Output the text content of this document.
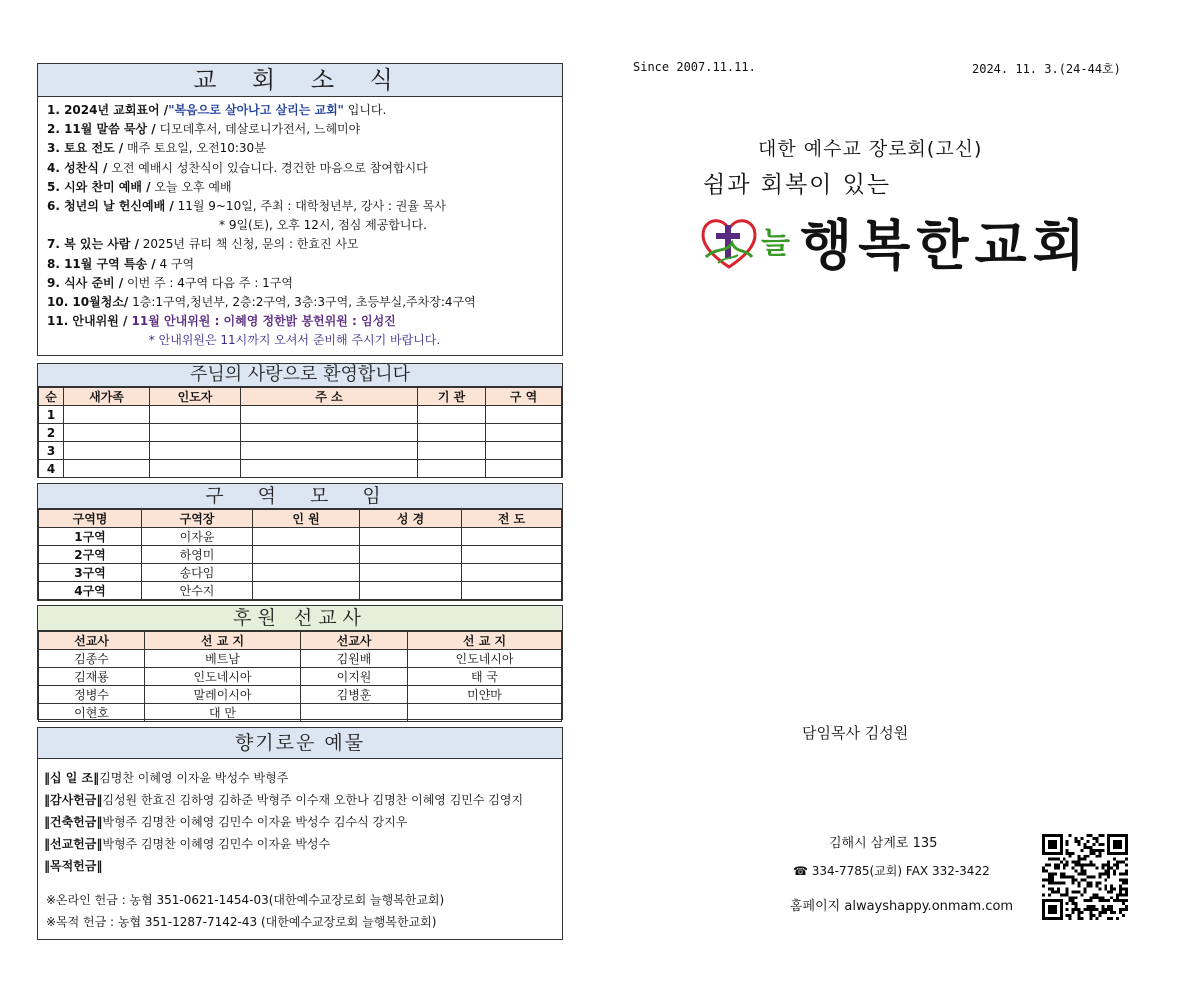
교 회 소 식
1. 2024년 교회표어 /"복음으로 살아나고 살리는 교회" 입니다.
2. 11월 말씀 묵상 / 디모데후서, 데살로니가전서, 느헤미야
3. 토요 전도 / 매주 토요일, 오전10:30분
4. 성찬식 / 오전 예배시 성찬식이 있습니다. 경건한 마음으로 참여합시다
5. 시와 찬미 예배 / 오늘 오후 예배
6. 청년의 날 헌신예배 / 11월 9~10일, 주최 : 대학청년부, 강사 : 권율 목사
* 9일(토), 오후 12시, 점심 제공합니다.
7. 복 있는 사람 / 2025년 큐티 책 신청, 문의 : 한효진 사모
8. 11월 구역 특송 / 4 구역
9. 식사 준비 / 이번 주 : 4구역 다음 주 : 1구역
10. 10월청소/ 1층:1구역,청년부, 2층:2구역, 3층:3구역, 초등부실,주차장:4구역
11. 안내위원 / 11월 안내위원 : 이혜영 정한밝 봉헌위원 : 임성진
* 안내위원은 11시까지 오셔서 준비해 주시기 바랍니다.
주님의 사랑으로 환영합니다
순	새가족	인도자	주 소	기 관	구 역
1					
2					
3					
4					
구 역 모 임
구역명	구역장	인 원	성 경	전 도
1구역	이자윤			
2구역	하영미			
3구역	송다임			
4구역	안수지			
후원 선교사
선교사	선 교 지	선교사	선 교 지
김종수	베트남	김원배	인도네시아
김재룡	인도네시아	이지원	태 국
정병수	말레이시아	김병훈	미얀마
이현호	대 만		
향기로운 예물
‖십 일 조‖김명찬 이혜영 이자윤 박성수 박형주
‖감사헌금‖김성원 한효진 김하영 김하준 박형주 이수재 오한나 김명찬 이혜영 김민수 김영지
‖건축헌금‖박형주 김명찬 이혜영 김민수 이자윤 박성수 김수식 강지우
‖선교헌금‖박형주 김명찬 이혜영 김민수 이자윤 박성수
‖목적헌금‖
※온라인 헌금 : 농협 351-0621-1454-03(대한예수교장로회 늘행복한교회)
※목적 헌금 : 농협 351-1287-7142-43 (대한예수교장로회 늘행복한교회)
Since 2007.11.11.	2024. 11. 3.(24-44호)
대한 예수교 장로회(고신)
쉼과 회복이 있는
늘 행복한교회
담임목사 김성원
김해시 삼계로 135
☎ 334-7785(교회) FAX 332-3422
홈페이지 alwayshappy.onmam.com
